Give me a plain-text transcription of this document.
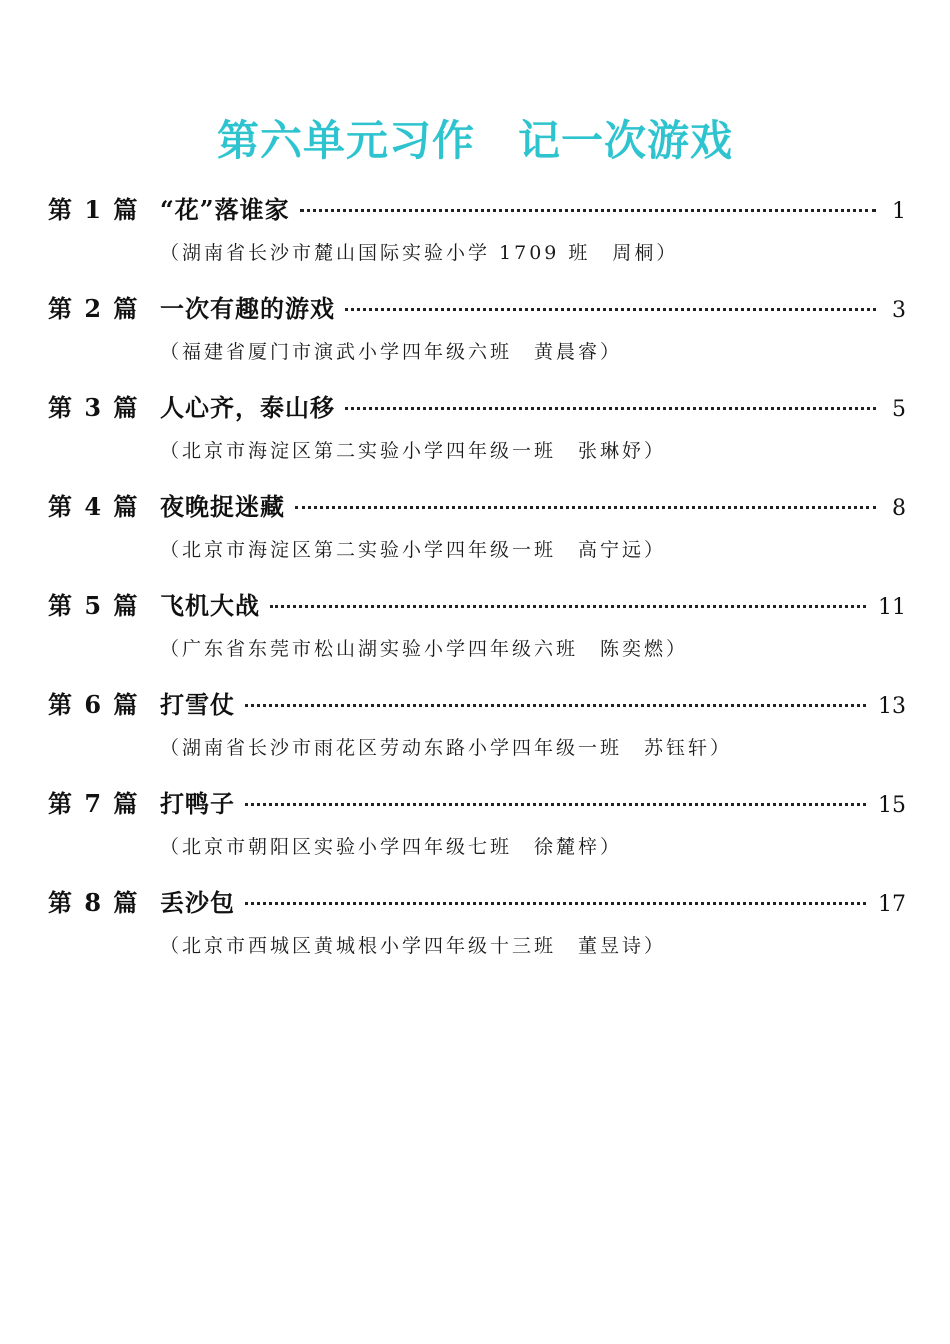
第六单元习作　记一次游戏
第 1 篇 “花”落谁家	1
（湖南省长沙市麓山国际实验小学 1709 班　周桐）
第 2 篇 一次有趣的游戏	3
（福建省厦门市演武小学四年级六班　黄晨睿）
第 3 篇 人心齐，泰山移	5
（北京市海淀区第二实验小学四年级一班　张琳妤）
第 4 篇 夜晚捉迷藏	8
（北京市海淀区第二实验小学四年级一班　高宁远）
第 5 篇 飞机大战	11
（广东省东莞市松山湖实验小学四年级六班　陈奕燃）
第 6 篇 打雪仗	13
（湖南省长沙市雨花区劳动东路小学四年级一班　苏钰轩）
第 7 篇 打鸭子	15
（北京市朝阳区实验小学四年级七班　徐麓梓）
第 8 篇 丢沙包	17
（北京市西城区黄城根小学四年级十三班　董昱诗）
